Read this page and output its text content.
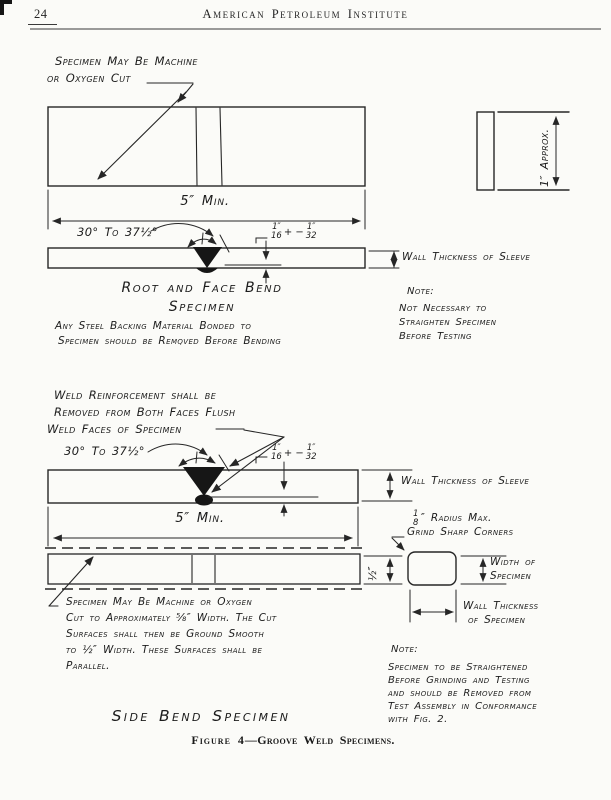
24	American Petroleum Institute
Specimen May Be Machine
or Oxygen Cut
5″ Min.
30° To 37½°	1″
16 + − 1″
32
1″ Approx.
Wall Thickness of Sleeve
Root and Face Bend
Specimen
Any Steel Backing Material Bonded to
Specimen should be Remqved Before Bending
Note:
Not Necessary to
Straighten Specimen
Before Testing
Weld Reinforcement shall be
Removed from Both Faces Flush
Weld Faces of Specimen
30° To 37½°	1″
16 + − 1″
32
Wall Thickness of Sleeve
5″ Min.	1
8 ″ Radius Max.
Grind Sharp Corners
½″
Width of
Specimen
Wall Thickness
of Specimen
Specimen May Be Machine or Oxygen
Cut to Approximately ⅝″ Width. The Cut
Surfaces shall then be Ground Smooth
to ½″ Width. These Surfaces shall be
Parallel.
Note:
Specimen to be Straightened
Before Grinding and Testing
and should be Removed from
Test Assembly in Conformance
with Fig. 2.
Side Bend Specimen
Figure 4—Groove Weld Specimens.
